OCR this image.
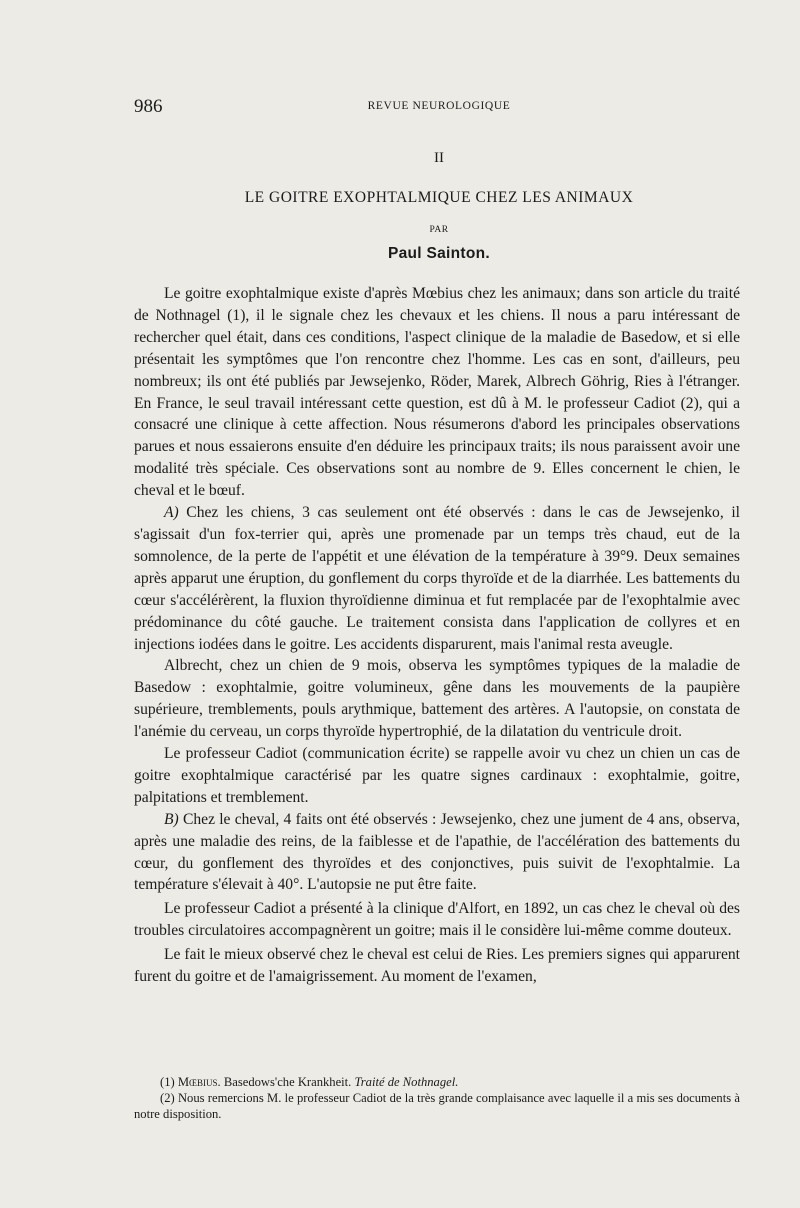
986	REVUE NEUROLOGIQUE
II
LE GOITRE EXOPHTALMIQUE CHEZ LES ANIMAUX
PAR
Paul Sainton.

Le goitre exophtalmique existe d'après Mœbius chez les animaux; dans son article du traité de Nothnagel (1), il le signale chez les chevaux et les chiens. Il nous a paru intéressant de rechercher quel était, dans ces conditions, l'aspect clinique de la maladie de Basedow, et si elle présentait les symptômes que l'on rencontre chez l'homme. Les cas en sont, d'ailleurs, peu nombreux; ils ont été publiés par Jewsejenko, Röder, Marek, Albrech Göhrig, Ries à l'étranger. En France, le seul travail intéressant cette question, est dû à M. le professeur Cadiot (2), qui a consacré une clinique à cette affection. Nous résumerons d'abord les principales observations parues et nous essaierons ensuite d'en déduire les principaux traits; ils nous paraissent avoir une modalité très spéciale. Ces observations sont au nombre de 9. Elles concernent le chien, le cheval et le bœuf.

A) Chez les chiens, 3 cas seulement ont été observés : dans le cas de Jewsejenko, il s'agissait d'un fox-terrier qui, après une promenade par un temps très chaud, eut de la somnolence, de la perte de l'appétit et une élévation de la température à 39°9. Deux semaines après apparut une éruption, du gonflement du corps thyroïde et de la diarrhée. Les battements du cœur s'accélérèrent, la fluxion thyroïdienne diminua et fut remplacée par de l'exophtalmie avec prédominance du côté gauche. Le traitement consista dans l'application de collyres et en injections iodées dans le goitre. Les accidents disparurent, mais l'animal resta aveugle.

Albrecht, chez un chien de 9 mois, observa les symptômes typiques de la maladie de Basedow : exophtalmie, goitre volumineux, gêne dans les mouvements de la paupière supérieure, tremblements, pouls arythmique, battement des artères. A l'autopsie, on constata de l'anémie du cerveau, un corps thyroïde hypertrophié, de la dilatation du ventricule droit.

Le professeur Cadiot (communication écrite) se rappelle avoir vu chez un chien un cas de goitre exophtalmique caractérisé par les quatre signes cardinaux : exophtalmie, goitre, palpitations et tremblement.

B) Chez le cheval, 4 faits ont été observés : Jewsejenko, chez une jument de 4 ans, observa, après une maladie des reins, de la faiblesse et de l'apathie, de l'accélération des battements du cœur, du gonflement des thyroïdes et des conjonctives, puis suivit de l'exophtalmie. La température s'élevait à 40°. L'autopsie ne put être faite.

Le professeur Cadiot a présenté à la clinique d'Alfort, en 1892, un cas chez le cheval où des troubles circulatoires accompagnèrent un goitre; mais il le considère lui-même comme douteux.

Le fait le mieux observé chez le cheval est celui de Ries. Les premiers signes qui apparurent furent du goitre et de l'amaigrissement. Au moment de l'examen,

(1) Mœbius. Basedows'che Krankheit. Traité de Nothnagel.

(2) Nous remercions M. le professeur Cadiot de la très grande complaisance avec laquelle il a mis ses documents à notre disposition.
